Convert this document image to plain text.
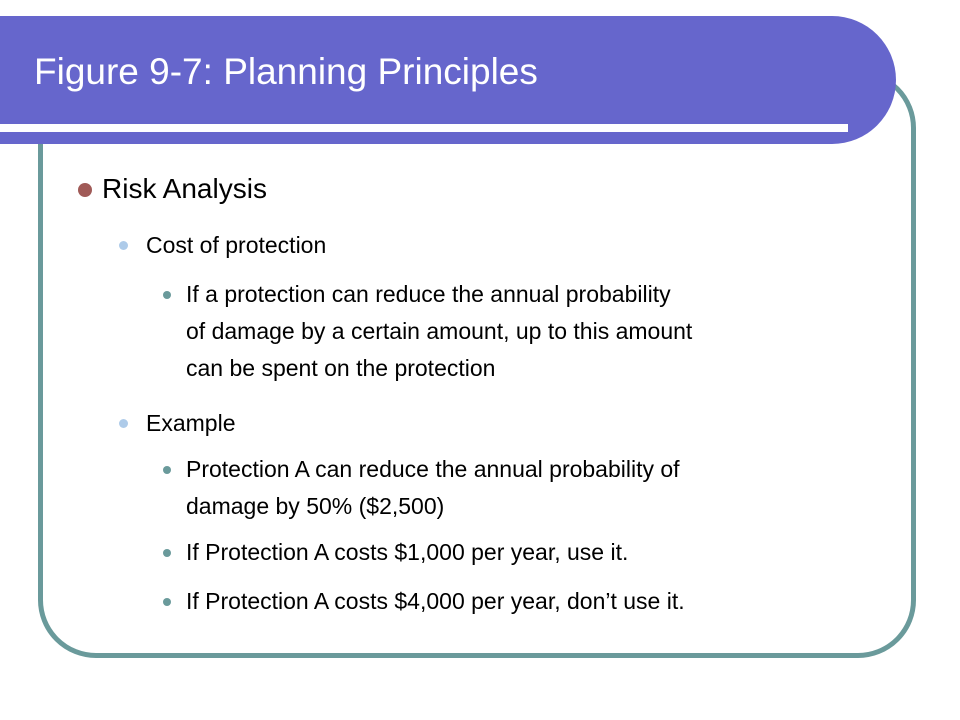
Figure 9-7: Planning Principles
Risk Analysis
Cost of protection
If a protection can reduce the annual probability
of damage by a certain amount, up to this amount
can be spent on the protection
Example
Protection A can reduce the annual probability of
damage by 50% ($2,500)
If Protection A costs $1,000 per year, use it.
If Protection A costs $4,000 per year, don’t use it.
